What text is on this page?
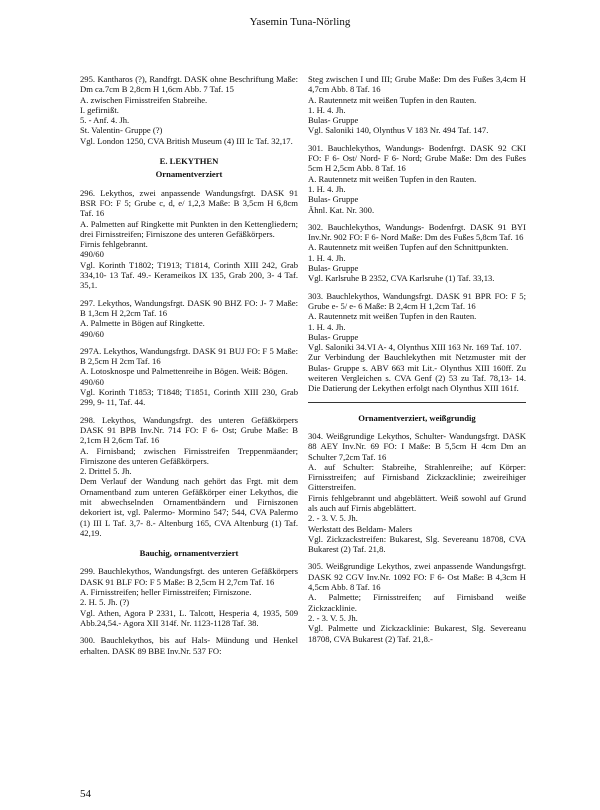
Yasemin Tuna-Nörling

295. Kantharos (?), Randfrgt. DASK ohne Beschriftung Maße: Dm ca.7cm B 2,8cm H 1,6cm Abb. 7 Taf. 15

A. zwischen Firnisstreifen Stabreihe.

I. gefirnißt.

5. - Anf. 4. Jh.

St. Valentin- Gruppe (?)

Vgl. London 1250, CVA British Museum (4) III Ic Taf. 32,17.

E. LEKYTHEN
Ornamentverziert

296. Lekythos, zwei anpassende Wandungsfrgt. DASK 91 BSR FO: F 5; Grube c, d, e/ 1,2,3 Maße: B 3,5cm H 6,8cm Taf. 16

A. Palmetten auf Ringkette mit Punkten in den Kettengliedern; drei Firnisstreifen; Firniszone des unteren Gefäßkörpers.

Firnis fehlgebrannt.

490/60

Vgl. Korinth T1802; T1913; T1814, Corinth XIII 242, Grab 334,10- 13 Taf. 49.- Kerameikos IX 135, Grab 200, 3- 4 Taf. 35,1.

297. Lekythos, Wandungsfrgt. DASK 90 BHZ FO: J- 7 Maße: B 1,3cm H 2,2cm Taf. 16

A. Palmette in Bögen auf Ringkette.

490/60

297A. Lekythos, Wandungsfrgt. DASK 91 BUJ FO: F 5 Maße: B 2,5cm H 2cm Taf. 16

A. Lotosknospe und Palmettenreihe in Bögen. Weiß: Bögen.

490/60

Vgl. Korinth T1853; T1848; T1851, Corinth XIII 230, Grab 299, 9- 11, Taf. 44.

298. Lekythos, Wandungsfrgt. des unteren Gefäßkörpers DASK 91 BPB Inv.Nr. 714 FO: F 6- Ost; Grube Maße: B 2,1cm H 2,6cm Taf. 16

A. Firnisband; zwischen Firnisstreifen Treppenmäander; Firniszone des unteren Gefäßkörpers.

2. Drittel 5. Jh.

Dem Verlauf der Wandung nach gehört das Frgt. mit dem Ornamentband zum unteren Gefäßkörper einer Lekythos, die mit abwechselnden Ornamentbändern und Firniszonen dekoriert ist, vgl. Palermo- Mormino 547; 544, CVA Palermo (1) III L Taf. 3,7- 8.- Altenburg 165, CVA Altenburg (1) Taf. 42,19.

Bauchig, ornamentverziert

299. Bauchlekythos, Wandungsfrgt. des unteren Gefäßkörpers DASK 91 BLF FO: F 5 Maße: B 2,5cm H 2,7cm Taf. 16

A. Firnisstreifen; heller Firnisstreifen; Firniszone.

2. H. 5. Jh. (?)

Vgl. Athen, Agora P 2331, L. Talcott, Hesperia 4, 1935, 509 Abb.24,54.- Agora XII 314f. Nr. 1123-1128 Taf. 38.

300. Bauchlekythos, bis auf Hals- Mündung und Henkel erhalten. DASK 89 BBE Inv.Nr. 537 FO:

Steg zwischen I und III; Grube Maße: Dm des Fußes 3,4cm H 4,7cm Abb. 8 Taf. 16

A. Rautennetz mit weißen Tupfen in den Rauten.

1. H. 4. Jh.

Bulas- Gruppe

Vgl. Saloniki 140, Olynthus V 183 Nr. 494 Taf. 147.

301. Bauchlekythos, Wandungs- Bodenfrgt. DASK 92 CKI FO: F 6- Ost/ Nord- F 6- Nord; Grube Maße: Dm des Fußes 5cm H 2,5cm Abb. 8 Taf. 16

A. Rautennetz mit weißen Tupfen in den Rauten.

1. H. 4. Jh.

Bulas- Gruppe

Ähnl. Kat. Nr. 300.

302. Bauchlekythos, Wandungs- Bodenfrgt. DASK 91 BYI Inv.Nr. 902 FO: F 6- Nord Maße: Dm des Fußes 5,8cm Taf. 16

A. Rautennetz mit weißen Tupfen auf den Schnittpunkten.

1. H. 4. Jh.

Bulas- Gruppe

Vgl. Karlsruhe B 2352, CVA Karlsruhe (1) Taf. 33,13.

303. Bauchlekythos, Wandungsfrgt. DASK 91 BPR FO: F 5; Grube e- 5/ e- 6 Maße: B 2,4cm H 1,2cm Taf. 16

A. Rautennetz mit weißen Tupfen in den Rauten.

1. H. 4. Jh.

Bulas- Gruppe

Vgl. Saloniki 34.VI A- 4, Olynthus XIII 163 Nr. 169 Taf. 107.

Zur Verbindung der Bauchlekythen mit Netzmuster mit der Bulas- Gruppe s. ABV 663 mit Lit.- Olynthus XIII 160ff. Zu weiteren Vergleichen s. CVA Genf (2) 53 zu Taf. 78,13- 14. Die Datierung der Lekythen erfolgt nach Olynthus XIII 161f.

Ornamentverziert, weißgrundig

304. Weißgrundige Lekythos, Schulter- Wandungsfrgt. DASK 88 AEY Inv.Nr. 69 FO: I Maße: B 5,5cm H 4cm Dm an Schulter 7,2cm Taf. 16

A. auf Schulter: Stabreihe, Strahlenreihe; auf Körper: Firnisstreifen; auf Firnisband Zickzacklinie; zweireihiger Gitterstreifen.

Firnis fehlgebrannt und abgeblättert. Weiß sowohl auf Grund als auch auf Firnis abgeblättert.

2. - 3. V. 5. Jh.

Werkstatt des Beldam- Malers

Vgl. Zickzackstreifen: Bukarest, Slg. Severeanu 18708, CVA Bukarest (2) Taf. 21,8.

305. Weißgrundige Lekythos, zwei anpassende Wandungsfrgt. DASK 92 CGV Inv.Nr. 1092 FO: F 6- Ost Maße: B 4,3cm H 4,5cm Abb. 8 Taf. 16

A. Palmette; Firnisstreifen; auf Firnisband weiße Zickzacklinie.

2. - 3. V. 5. Jh.

Vgl. Palmette und Zickzacklinie: Bukarest, Slg. Severeanu 18708, CVA Bukarest (2) Taf. 21,8.-

54
